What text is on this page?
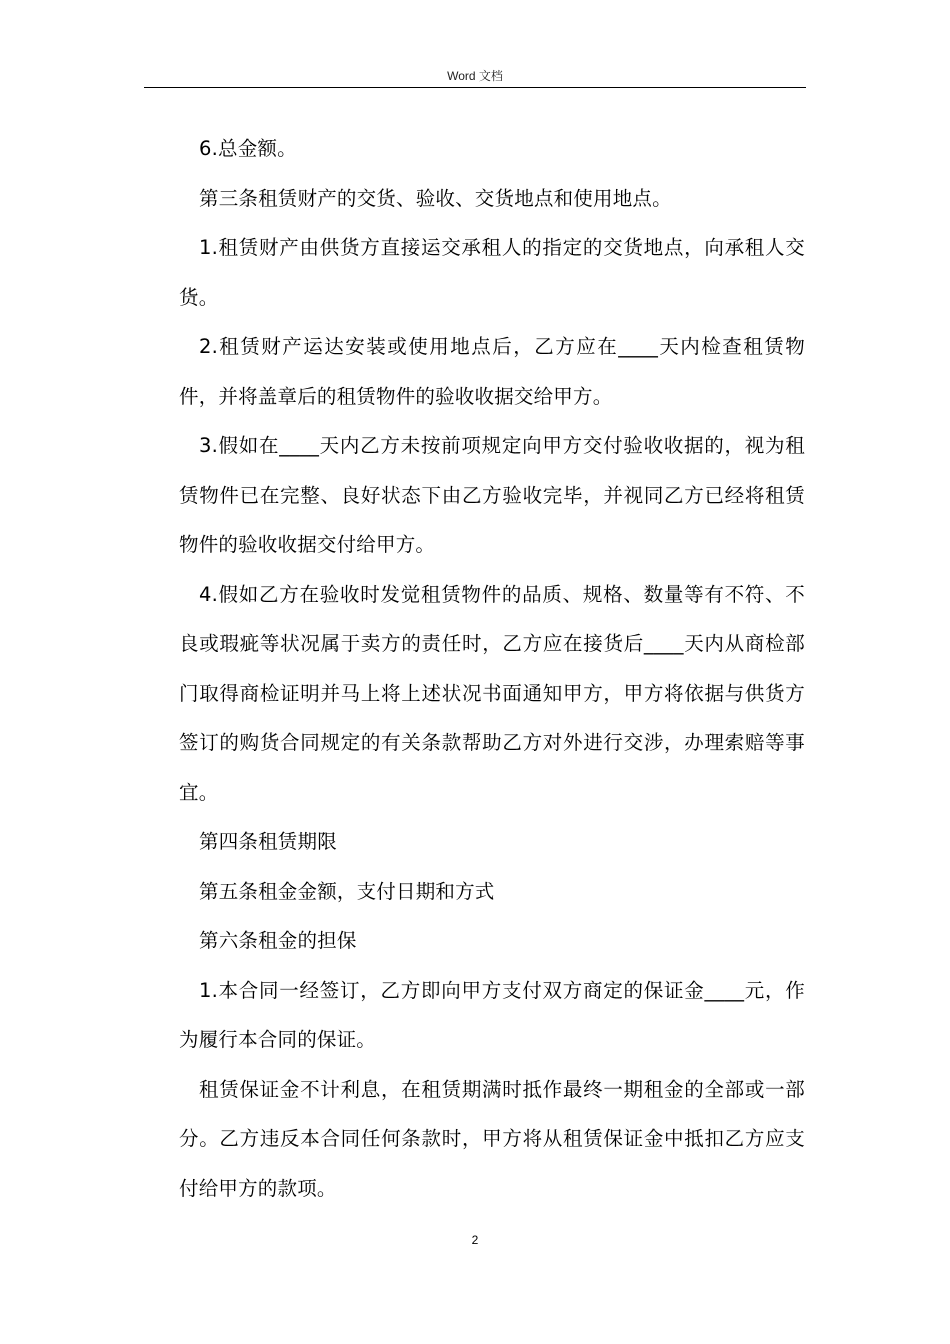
Word 文档

6.总金额。

第三条租赁财产的交货、验收、交货地点和使用地点。

1.租赁财产由供货方直接运交承租人的指定的交货地点，向承租人交货。

2.租赁财产运达安装或使用地点后，乙方应在____天内检查租赁物件，并将盖章后的租赁物件的验收收据交给甲方。

3.假如在____天内乙方未按前项规定向甲方交付验收收据的，视为租赁物件已在完整、良好状态下由乙方验收完毕，并视同乙方已经将租赁物件的验收收据交付给甲方。

4.假如乙方在验收时发觉租赁物件的品质、规格、数量等有不符、不良或瑕疵等状况属于卖方的责任时，乙方应在接货后____天内从商检部门取得商检证明并马上将上述状况书面通知甲方，甲方将依据与供货方签订的购货合同规定的有关条款帮助乙方对外进行交涉，办理索赔等事宜。

第四条租赁期限

第五条租金金额，支付日期和方式

第六条租金的担保

1.本合同一经签订，乙方即向甲方支付双方商定的保证金____元，作为履行本合同的保证。

租赁保证金不计利息，在租赁期满时抵作最终一期租金的全部或一部分。乙方违反本合同任何条款时，甲方将从租赁保证金中抵扣乙方应支付给甲方的款项。

2
